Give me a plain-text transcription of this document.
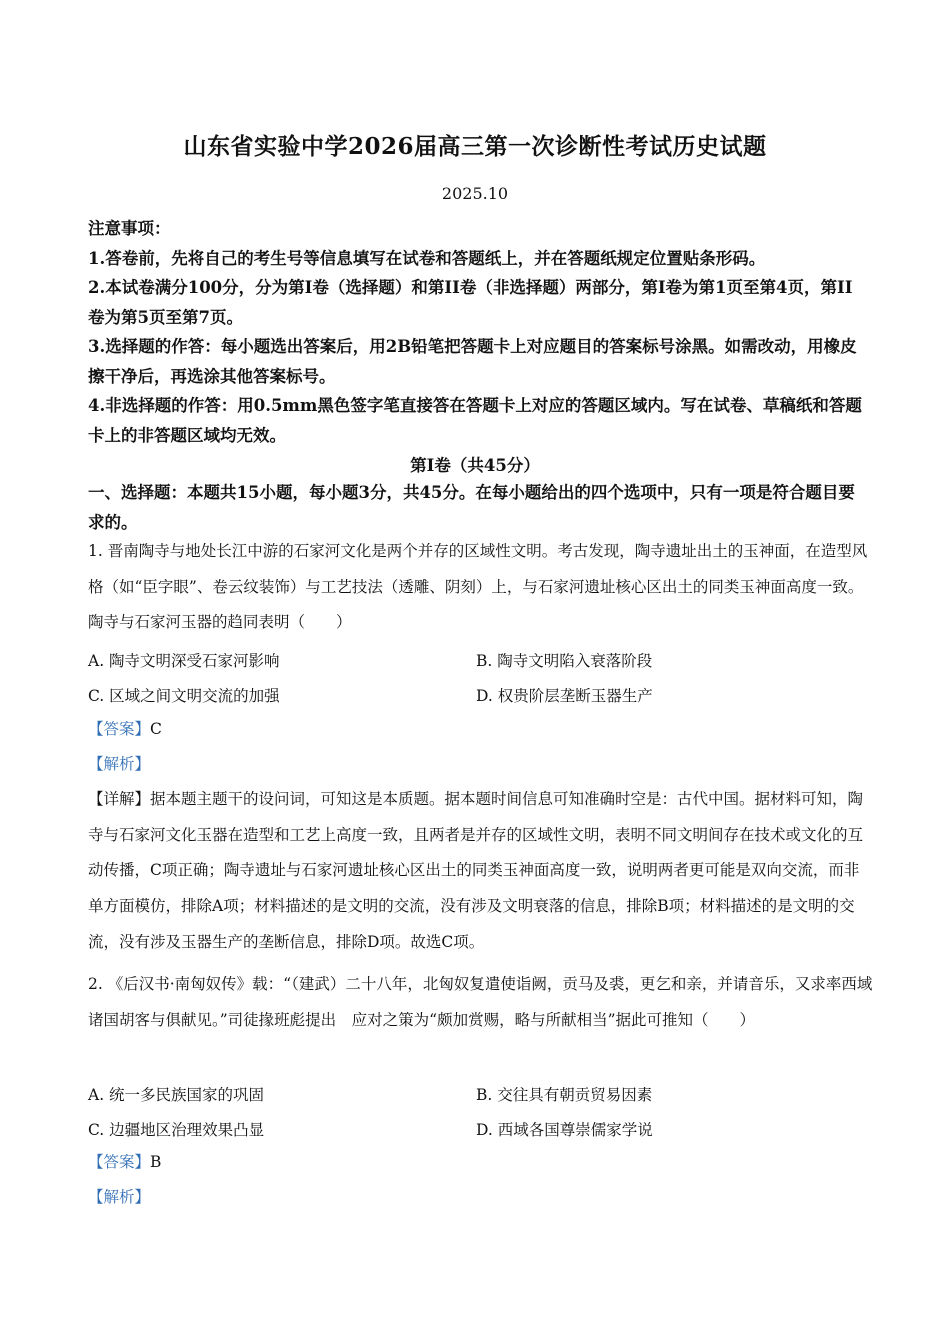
山东省实验中学2026届高三第一次诊断性考试历史试题
2025.10

注意事项：

1.答卷前，先将自己的考生号等信息填写在试卷和答题纸上，并在答题纸规定位置贴条形码。

2.本试卷满分100分，分为第Ⅰ卷（选择题）和第II卷（非选择题）两部分，第Ⅰ卷为第1页至第4页，第II卷为第5页至第7页。

3.选择题的作答：每小题选出答案后，用2B铅笔把答题卡上对应题目的答案标号涂黑。如需改动，用橡皮擦干净后，再选涂其他答案标号。

4.非选择题的作答：用0.5mm黑色签字笔直接答在答题卡上对应的答题区域内。写在试卷、草稿纸和答题卡上的非答题区域均无效。

第Ⅰ卷（共45分）
一、选择题：本题共15小题，每小题3分，共45分。在每小题给出的四个选项中，只有一项是符合题目要求的。

1. 晋南陶寺与地处长江中游的石家河文化是两个并存的区域性文明。考古发现，陶寺遗址出土的玉神面，在造型风格（如“臣字眼”、卷云纹装饰）与工艺技法（透雕、阴刻）上，与石家河遗址核心区出土的同类玉神面高度一致。陶寺与石家河玉器的趋同表明（　　）

A. 陶寺文明深受石家河影响	B. 陶寺文明陷入衰落阶段
C. 区域之间文明交流的加强	D. 权贵阶层垄断玉器生产
【答案】C
【解析】

【详解】据本题主题干的设问词，可知这是本质题。据本题时间信息可知准确时空是：古代中国。据材料可知，陶寺与石家河文化玉器在造型和工艺上高度一致，且两者是并存的区域性文明，表明不同文明间存在技术或文化的互动传播，C项正确；陶寺遗址与石家河遗址核心区出土的同类玉神面高度一致，说明两者更可能是双向交流，而非单方面模仿，排除A项；材料描述的是文明的交流，没有涉及文明衰落的信息，排除B项；材料描述的是文明的交流，没有涉及玉器生产的垄断信息，排除D项。故选C项。

2. 《后汉书·南匈奴传》载：“（建武）二十八年，北匈奴复遣使诣阙，贡马及裘，更乞和亲，并请音乐，又求率西域诸国胡客与俱献见。”司徒掾班彪提出　应对之策为“颇加赏赐，略与所献相当”据此可推知（　　）

A. 统一多民族国家的巩固	B. 交往具有朝贡贸易因素
C. 边疆地区治理效果凸显	D. 西域各国尊崇儒家学说
【答案】B
【解析】
